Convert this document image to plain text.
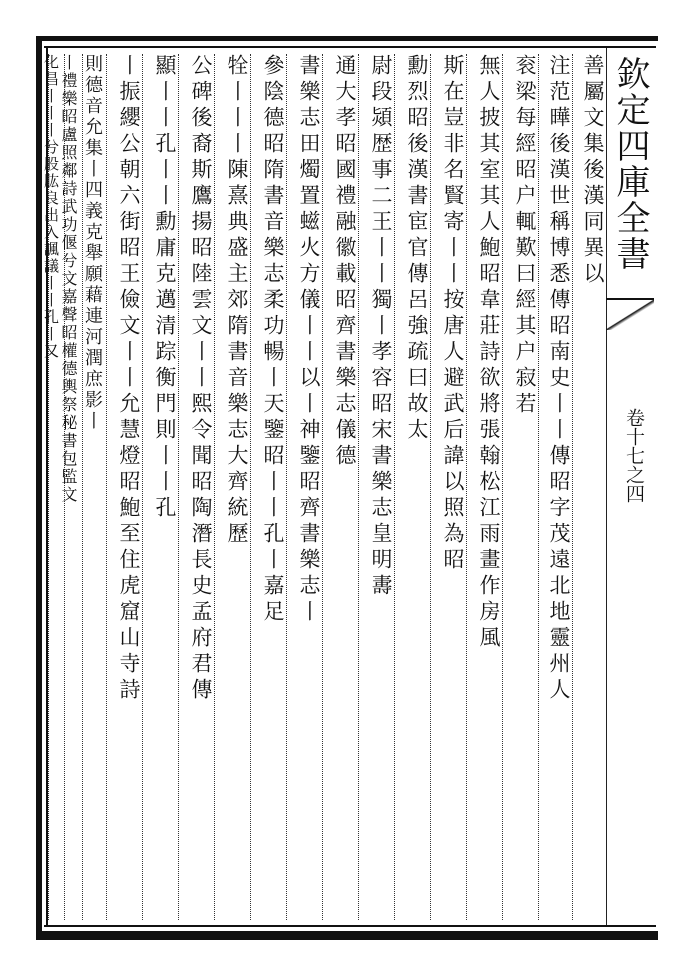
欽定四庫全書
卷十七之四
善屬文集後漢同異以
注范曄後漢世稱博悉傳昭南史丨丨傳昭字茂遠北地靈州人
衮梁每經昭户輒歎曰經其户寂若
無人披其室其人鮑昭韋莊詩欲將張翰松江雨畫作房風
斯在豈非名賢寄丨丨按唐人避武后諱以照為昭
勳烈昭後漢書宦官傳呂強疏曰故太
尉段熲歴事二王丨丨獨丨孝容昭宋書樂志皇明夀
通大孝昭國禮融徽載昭齊書樂志儀德
書樂志田燭置螆火方儀丨丨以丨神鑒昭齊書樂志丨
參陰德昭隋書音樂志柔功暢丨天鑒昭丨丨孔丨嘉足
牷丨丨丨陳熹典盛主郊隋書音樂志大齊統歷
公碑後裔斯鷹揚昭陸雲文丨丨熙令聞昭陶潛長史孟府君傳
顯丨丨孔丨丨勳庸克邁清踪衡門則丨丨孔
丨振纓公朝六街昭王儉文丨丨允慧燈昭鮑至住虎窟山寺詩
則德音允集丨四義克舉願藉連河潤庶影丨
丨禮樂昭盧照鄰詩武功偃兮文嘉聲昭權德輿祭秘書包監文
化昌丨丨丨兮股肱良出入諷議丨丨孔丨又
